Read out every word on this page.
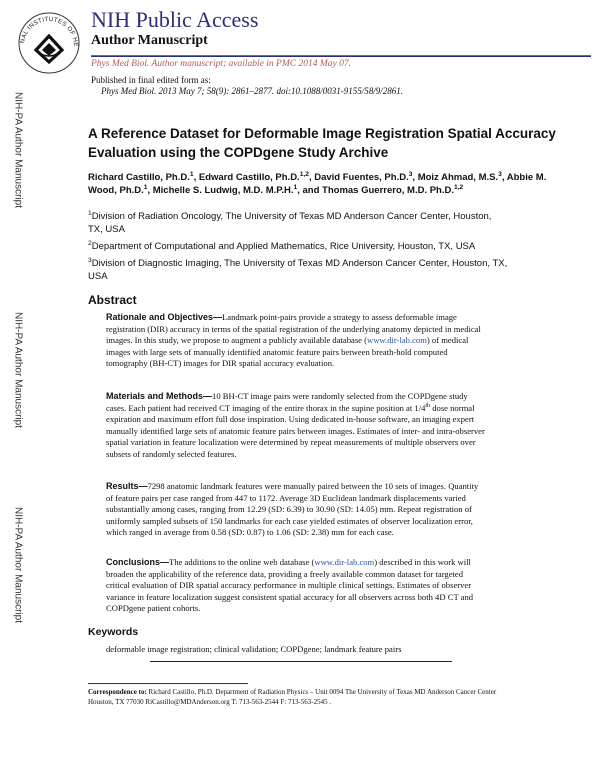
NAL INSTITUTES OF HE
NIH Public Access
Author Manuscript
Phys Med Biol. Author manuscript; available in PMC 2014 May 07.
Published in final edited form as:
Phys Med Biol. 2013 May 7; 58(9): 2861–2877. doi:10.1088/0031-9155/58/9/2861.
NIH-PA Author Manuscript
NIH-PA Author Manuscript
NIH-PA Author Manuscript
A Reference Dataset for Deformable Image Registration Spatial Accuracy Evaluation using the COPDgene Study Archive
Richard Castillo, Ph.D.$^1$, Edward Castillo, Ph.D.$^{1,2}$, David Fuentes, Ph.D.$^3$, Moiz Ahmad, M.S.$^3$, Abbie M. Wood, Ph.D.$^1$, Michelle S. Ludwig, M.D. M.P.H.$^1$, and Thomas Guerrero, M.D. Ph.D.$^{1,2}$
$^1$Division of Radiation Oncology, The University of Texas MD Anderson Cancer Center, Houston, TX, USA
$^2$Department of Computational and Applied Mathematics, Rice University, Houston, TX, USA
$^3$Division of Diagnostic Imaging, The University of Texas MD Anderson Cancer Center, Houston, TX, USA
Abstract
Rationale and Objectives—Landmark point-pairs provide a strategy to assess deformable image registration (DIR) accuracy in terms of the spatial registration of the underlying anatomy depicted in medical images. In this study, we propose to augment a publicly available database (www.dir-lab.com) of medical images with large sets of manually identified anatomic feature pairs between breath-hold computed tomography (BH-CT) images for DIR spatial accuracy evaluation.
Materials and Methods—10 BH-CT image pairs were randomly selected from the COPDgene study cases. Each patient had received CT imaging of the entire thorax in the supine position at 1/4th dose normal expiration and maximum effort full dose inspiration. Using dedicated in-house software, an imaging expert manually identified large sets of anatomic feature pairs between images. Estimates of inter- and intra-observer spatial variation in feature localization were determined by repeat measurements of multiple observers over subsets of randomly selected features.
Results—7298 anatomic landmark features were manually paired between the 10 sets of images. Quantity of feature pairs per case ranged from 447 to 1172. Average 3D Euclidean landmark displacements varied substantially among cases, ranging from 12.29 (SD: 6.39) to 30.90 (SD: 14.05) mm. Repeat registration of uniformly sampled subsets of 150 landmarks for each case yielded estimates of observer localization error, which ranged in average from 0.58 (SD: 0.87) to 1.06 (SD: 2.38) mm for each case.
Conclusions—The additions to the online web database (www.dir-lab.com) described in this work will broaden the applicability of the reference data, providing a freely available common dataset for targeted critical evaluation of DIR spatial accuracy performance in multiple clinical settings. Estimates of observer variance in feature localization suggest consistent spatial accuracy for all observers across both 4D CT and COPDgene patient cohorts.
Keywords
deformable image registration; clinical validation; COPDgene; landmark feature pairs
Correspondence to: Richard Castillo, Ph.D. Department of Radiation Physics – Unit 0094 The University of Texas MD Anderson Cancer Center Houston, TX 77030 RiCastillo@MDAnderson.org T: 713-563-2544 F: 713-563-2545 .
